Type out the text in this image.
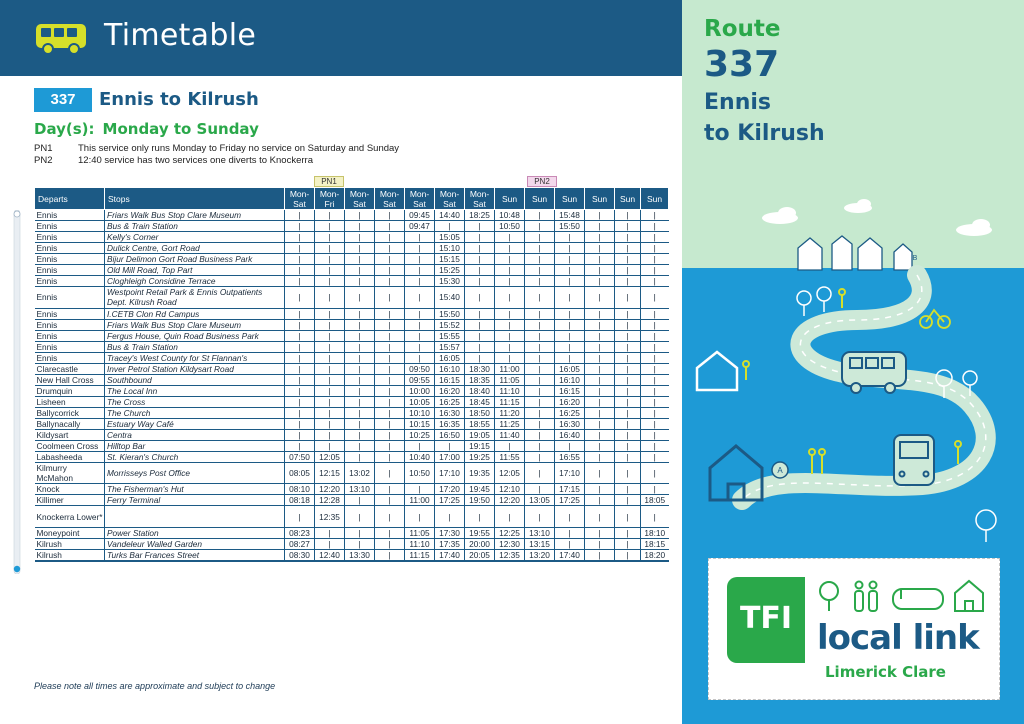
Timetable
337	Ennis to Kilrush
Day(s): Monday to Sunday
PN1	This service only runs Monday to Friday no service on Saturday and Sunday
PN2	12:40 service has two services one diverts to Knockerra
PN1	PN2
Departs	Stops	Mon-Sat	Mon-Fri	Mon-Sat	Mon-Sat	Mon-Sat	Mon-Sat	Mon-Sat	Sun	Sun	Sun	Sun	Sun	Sun
Ennis	Friars Walk Bus Stop Clare Museum	|	|	|	|	09:45	14:40	18:25	10:48	|	15:48	|	|	|
Ennis	Bus & Train Station	|	|	|	|	09:47	|	|	10:50	|	15:50	|	|	|
Ennis	Kelly's Corner	|	|	|	|	|	15:05	|	|	|	|	|	|	|
Ennis	Dulick Centre, Gort Road	|	|	|	|	|	15:10	|	|	|	|	|	|	|
Ennis	Bijur Delimon Gort Road Business Park	|	|	|	|	|	15:15	|	|	|	|	|	|	|
Ennis	Old Mill Road, Top Part	|	|	|	|	|	15:25	|	|	|	|	|	|	|
Ennis	Cloghleigh Considine Terrace	|	|	|	|	|	15:30	|	|	|	|	|	|	|
Ennis	Westpoint Retail Park & Ennis Outpatients Dept. Kilrush Road	|	|	|	|	|	15:40	|	|	|	|	|	|	|
Ennis	I.CETB Clon Rd Campus	|	|	|	|	|	15:50	|	|	|	|	|	|	|
Ennis	Friars Walk Bus Stop Clare Museum	|	|	|	|	|	15:52	|	|	|	|	|	|	|
Ennis	Fergus House, Quin Road Business Park	|	|	|	|	|	15:55	|	|	|	|	|	|	|
Ennis	Bus & Train Station	|	|	|	|	|	15:57	|	|	|	|	|	|	|
Ennis	Tracey's West County for St Flannan's	|	|	|	|	|	16:05	|	|	|	|	|	|	|
Clarecastle	Inver Petrol Station Kildysart Road	|	|	|	|	09:50	16:10	18:30	11:00	|	16:05	|	|	|
New Hall Cross	Southbound	|	|	|	|	09:55	16:15	18:35	11:05	|	16:10	|	|	|
Drumquin	The Local Inn	|	|	|	|	10:00	16:20	18:40	11:10	|	16:15	|	|	|
Lisheen	The Cross	|	|	|	|	10:05	16:25	18:45	11:15	|	16:20	|	|	|
Ballycorrick	The Church	|	|	|	|	10:10	16:30	18:50	11:20	|	16:25	|	|	|
Ballynacally	Estuary Way Café	|	|	|	|	10:15	16:35	18:55	11:25	|	16:30	|	|	|
Kildysart	Centra	|	|	|	|	10:25	16:50	19:05	11:40	|	16:40	|	|	|
Coolmeen Cross	Hilltop Bar	|	|	|	|	|	|	19:15	|	|	|	|	|	|
Labasheeda	St. Kieran's Church	07:50	12:05	|	|	10:40	17:00	19:25	11:55	|	16:55	|	|	|
Kilmurry McMahon	Morrisseys Post Office	08:05	12:15	13:02	|	10:50	17:10	19:35	12:05	|	17:10	|	|	|
Knock	The Fisherman's Hut	08:10	12:20	13:10	|	|	17:20	19:45	12:10	|	17:15	|	|	|
Killimer	Ferry Terminal	08:18	12:28	|	|	11:00	17:25	19:50	12:20	13:05	17:25	|	|	18:05
Knockerra Lower*		|	12:35	|	|	|	|	|	|	|	|	|	|	|
Moneypoint	Power Station	08:23	|	|	|	11:05	17:30	19:55	12:25	13:10	|	|	|	18:10
Kilrush	Vandeleur Walled Garden	08:27	|	|	|	11:10	17:35	20:00	12:30	13:15	|	|	|	18:15
Kilrush	Turks Bar Frances Street	08:30	12:40	13:30	|	11:15	17:40	20:05	12:35	13:20	17:40	|	|	18:20
Please note all times are approximate and subject to change
Route
337
Ennis
to Kilrush
B
A
TFI local link
Limerick Clare
